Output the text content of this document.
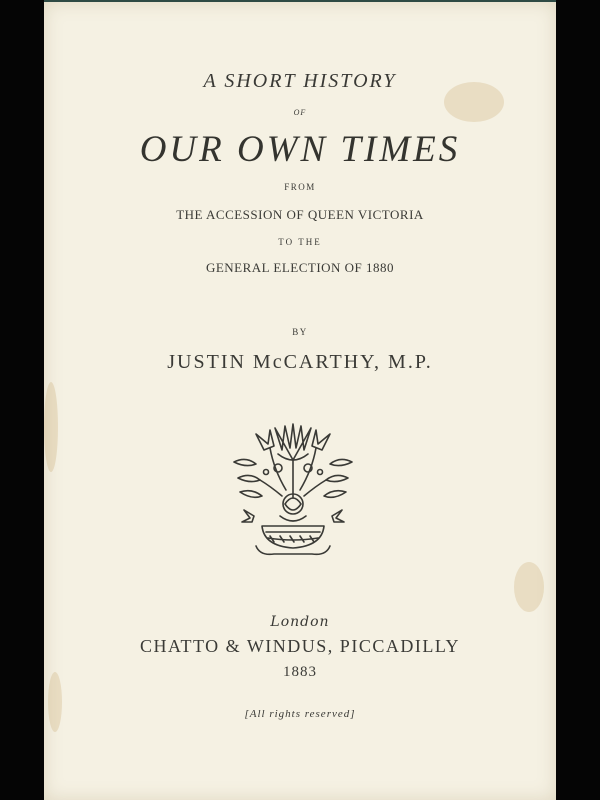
A SHORT HISTORY
OF
OUR OWN TIMES
FROM
THE ACCESSION OF QUEEN VICTORIA
TO THE
GENERAL ELECTION OF 1880
BY
JUSTIN McCARTHY, M.P.
London
CHATTO & WINDUS, PICCADILLY
1883
[All rights reserved]
